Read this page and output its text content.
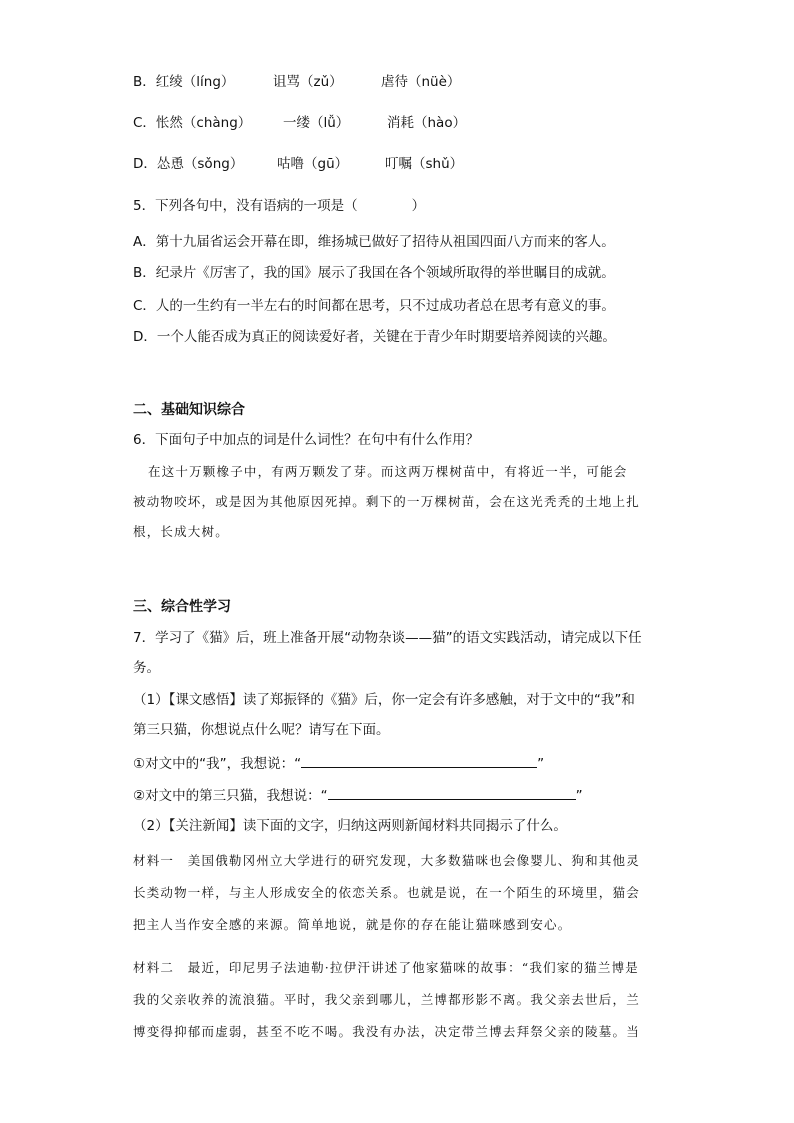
B．红绫（líng）	诅骂（zǔ）	虐待（nüè）
C．怅然（chàng） 一缕（lǚ）	消耗（hào）
D．怂恿（sǒng） 咕噜（gū）	叮嘱（shǔ）
5．下列各句中，没有语病的一项是（　　　　）
A．第十九届省运会开幕在即，维扬城已做好了招待从祖国四面八方而来的客人。
B．纪录片《厉害了，我的国》展示了我国在各个领域所取得的举世瞩目的成就。
C．人的一生约有一半左右的时间都在思考，只不过成功者总在思考有意义的事。
D．一个人能否成为真正的阅读爱好者，关键在于青少年时期要培养阅读的兴趣。
二、基础知识综合
6．下面句子中加点的词是什么词性？在句中有什么作用？
在这十万颗橡子中，有两万颗发了芽。而这两万棵树苗中，有将近一半，可能会
被动物咬坏，或是因为其他原因死掉。剩下的一万棵树苗，会在这光秃秃的土地上扎
根，长成大树。
三、综合性学习
7．学习了《猫》后，班上准备开展“动物杂谈——猫”的语文实践活动，请完成以下任
务。
（1）【课文感悟】读了郑振铎的《猫》后，你一定会有许多感触，对于文中的“我”和
第三只猫，你想说点什么呢？请写在下面。
①对文中的“我”，我想说：“	”
②对文中的第三只猫，我想说：“	”
（2）【关注新闻】读下面的文字，归纳这两则新闻材料共同揭示了什么。
材料一　美国俄勒冈州立大学进行的研究发现，大多数猫咪也会像婴儿、狗和其他灵
长类动物一样，与主人形成安全的依恋关系。也就是说，在一个陌生的环境里，猫会
把主人当作安全感的来源。简单地说，就是你的存在能让猫咪感到安心。
材料二　最近，印尼男子法迪勒·拉伊汗讲述了他家猫咪的故事：“我们家的猫兰博是
我的父亲收养的流浪猫。平时，我父亲到哪儿，兰博都形影不离。我父亲去世后，兰
博变得抑郁而虚弱，甚至不吃不喝。我没有办法，决定带兰博去拜祭父亲的陵墓。当
